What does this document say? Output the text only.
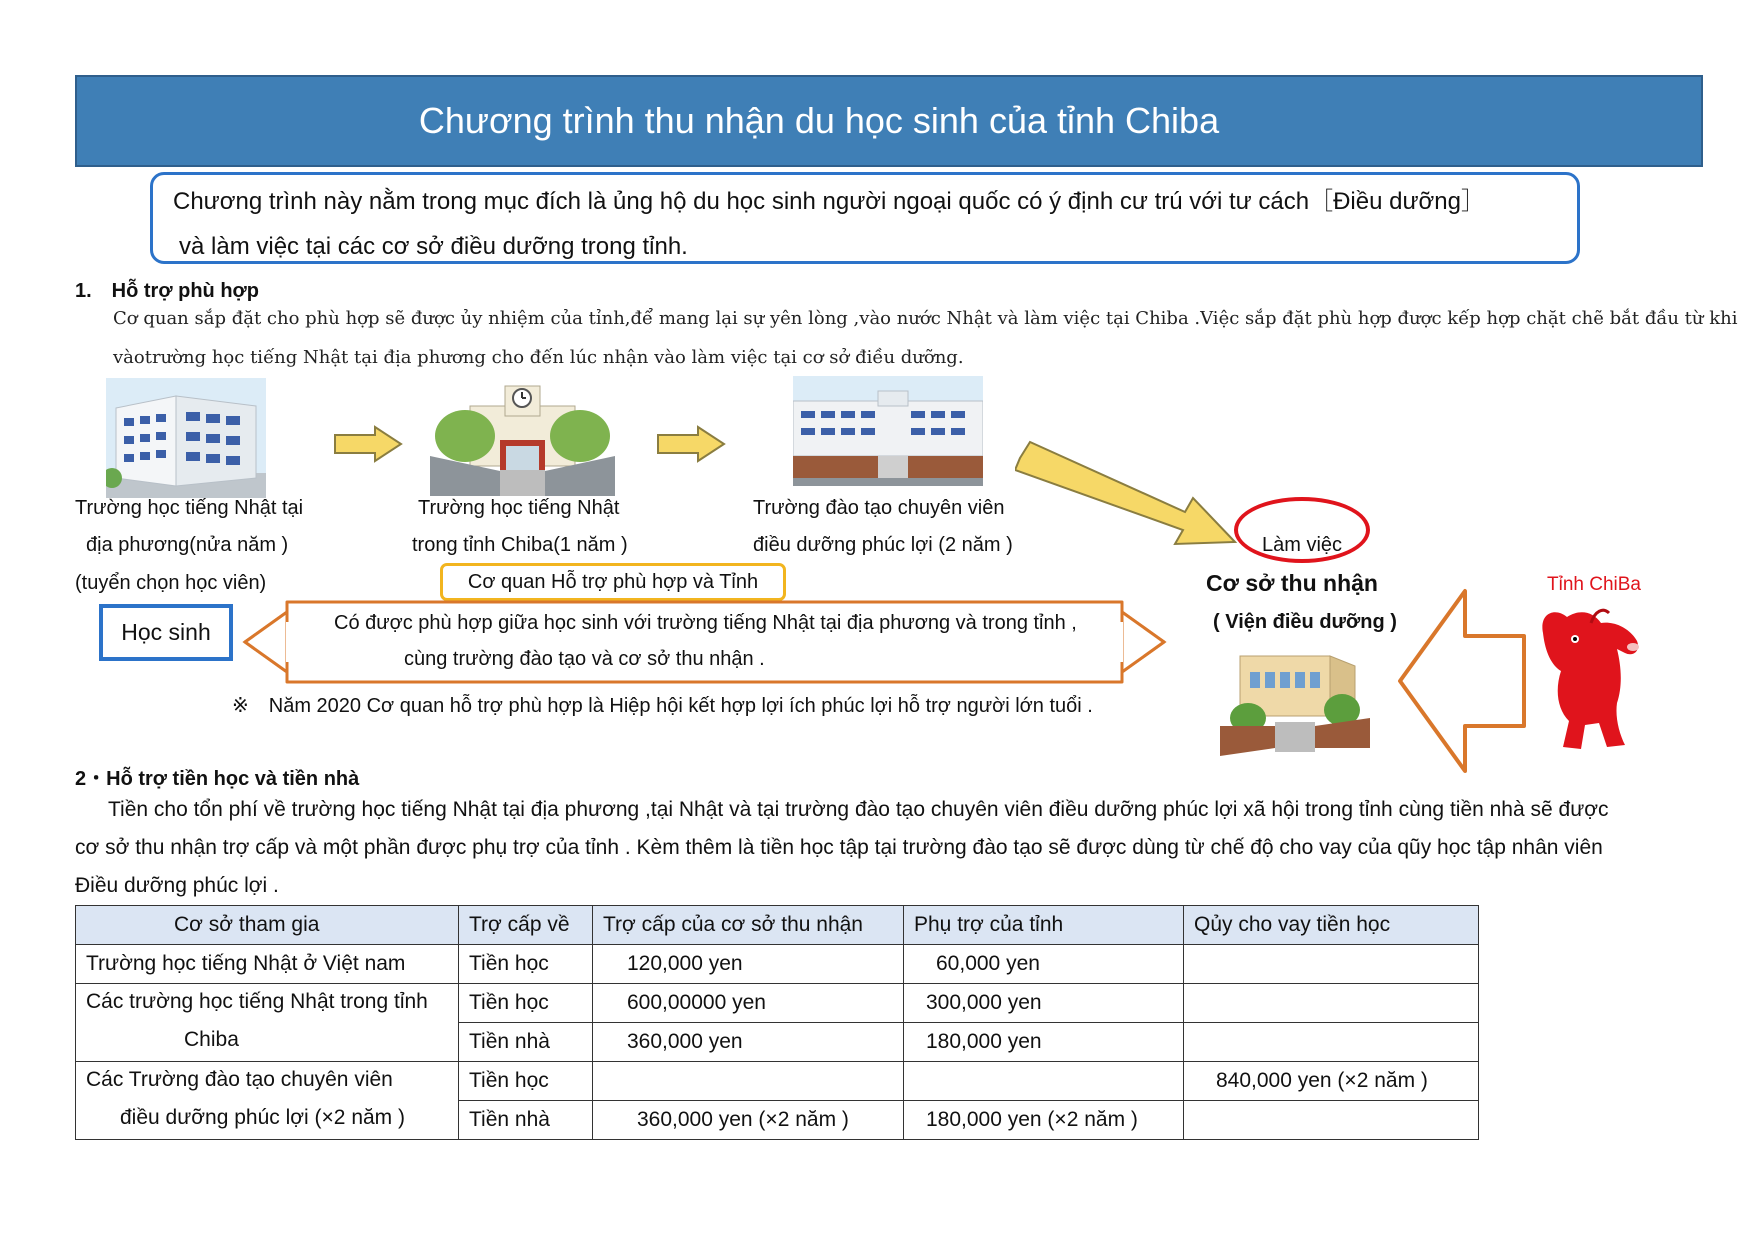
Chương trình thu nhận du học sinh của tỉnh Chiba
Chương trình này nằm trong mục đích là ủng hộ du học sinh người ngoại quốc có ý định cư trú với tư cách［Điều dưỡng］
và làm việc tại các cơ sở điều dưỡng trong tỉnh.
1.　Hỗ trợ phù hợp
Cơ quan sắp đặt cho phù hợp sẽ được ủy nhiệm của tỉnh,để mang lại sự yên lòng ,vào nước Nhật và làm việc tại Chiba .Việc sắp đặt phù hợp được kếp hợp chặt chẽ bắt đầu từ khi
vàotrường học tiếng Nhật tại địa phương cho đến lúc nhận vào làm việc tại cơ sở điều dưỡng.
Trường học tiếng Nhật tại
địa phương(nửa năm )
(tuyển chọn học viên)
Trường học tiếng Nhật
trong tỉnh Chiba(1 năm )
Trường đào tạo chuyên viên
điều dưỡng phúc lợi (2 năm )	Làm việc
Cơ sở thu nhận
( Viện điều dưỡng )
Tỉnh ChiBa
Cơ quan Hỗ trợ phù hợp và Tỉnh
Học sinh	Có được phù hợp giữa học sinh với trường tiếng Nhật tại địa phương và trong tỉnh ,
cùng trường đào tạo và cơ sở thu nhận .
※　Năm 2020 Cơ quan hỗ trợ phù hợp là Hiệp hội kết hợp lợi ích phúc lợi hỗ trợ người lớn tuổi .
2・Hỗ trợ tiền học và tiền nhà
Tiền cho tổn phí về trường học tiếng Nhật tại địa phương ,tại Nhật và tại trường đào tạo chuyên viên điều dưỡng phúc lợi xã hội trong tỉnh cùng tiền nhà sẽ được
cơ sở thu nhận trợ cấp và một phần được phụ trợ của tỉnh . Kèm thêm là tiền học tập tại trường đào tạo sẽ được dùng từ chế độ cho vay của qũy học tập nhân viên
Điều dưỡng phúc lợi .
Cơ sở tham gia	Trợ cấp về	Trợ cấp của cơ sở thu nhận	Phụ trợ của tỉnh	Qủy cho vay tiền học
Trường học tiếng Nhật ở Việt nam	Tiền học	120,000 yen	60,000 yen	

Các trường học tiếng Nhật trong tỉnh
Chiba	Tiền học	600,00000 yen	300,000 yen	
	Tiền nhà	360,000 yen	180,000 yen	

Các Trường đào tạo chuyên viên
điều dưỡng phúc lợi (×2 năm )	Tiền học			840,000 yen (×2 năm )
	Tiền nhà	360,000 yen (×2 năm )	180,000 yen (×2 năm )	
